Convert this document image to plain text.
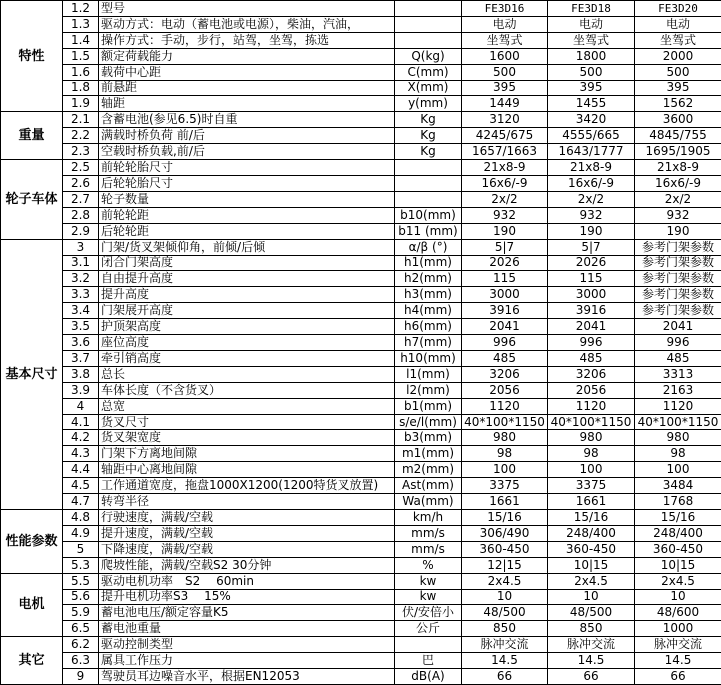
特性	1.2	型号		FE3D16	FE3D18	FE3D20
	1.3	驱动方式：电动（蓄电池或电源），柴油，汽油，		电动	电动	电动
	1.4	操作方式：手动，步行，站驾，坐驾，拣选		坐驾式	坐驾式	坐驾式
	1.5	额定荷载能力	Q(kg)	1600	1800	2000
	1.6	载荷中心距	C(mm)	500	500	500
	1.8	前悬距	X(mm)	395	395	395
	1.9	轴距	y(mm)	1449	1455	1562
重量	2.1	含蓄电池(参见6.5)时自重	Kg	3120	3420	3600
	2.2	满载时桥负荷 前/后	Kg	4245/675	4555/665	4845/755
	2.3	空载时桥负载,前/后	Kg	1657/1663	1643/1777	1695/1905
轮子车体	2.5	前轮轮胎尺寸		21x8-9	21x8-9	21x8-9
	2.6	后轮轮胎尺寸		16x6/-9	16x6/-9	16x6/-9
	2.7	轮子数量		2x/2	2x/2	2x/2
	2.8	前轮轮距	b10(mm)	932	932	932
	2.9	后轮轮距	b11 (mm)	190	190	190
基本尺寸	3	门架/货叉架倾仰角，前倾/后倾	α/β (°)	5|7	5|7	参考门架参数
	3.1	闭合门架高度	h1(mm)	2026	2026	参考门架参数
	3.2	自由提升高度	h2(mm)	115	115	参考门架参数
	3.3	提升高度	h3(mm)	3000	3000	参考门架参数
	3.4	门架展开高度	h4(mm)	3916	3916	参考门架参数
	3.5	护顶架高度	h6(mm)	2041	2041	2041
	3.6	座位高度	h7(mm)	996	996	996
	3.7	牵引销高度	h10(mm)	485	485	485
	3.8	总长	l1(mm)	3206	3206	3313
	3.9	车体长度（不含货叉）	l2(mm)	2056	2056	2163
	4	总宽	b1(mm)	1120	1120	1120
	4.1	货叉尺寸	s/e/l(mm)	40*100*1150	40*100*1150	40*100*1150
	4.2	货叉架宽度	b3(mm)	980	980	980
	4.3	门架下方离地间隙	m1(mm)	98	98	98
	4.4	轴距中心离地间隙	m2(mm)	100	100	100
	4.5	工作通道宽度，拖盘1000X1200(1200特货叉放置)	Ast(mm)	3375	3375	3484
	4.7	转弯半径	Wa(mm)	1661	1661	1768
性能参数	4.8	行驶速度，满载/空载	km/h	15/16	15/16	15/16
	4.9	提升速度，满载/空载	mm/s	306/490	248/400	248/400
	5	下降速度，满载/空载	mm/s	360-450	360-450	360-450
	5.3	爬坡性能，满载/空载S2 30分钟	%	12|15	10|15	10|15
电机	5.5	驱动电机功率　S2　 60min	kw	2x4.5	2x4.5	2x4.5
	5.6	提升电机功率S3　 15%	kw	10	10	10
	5.9	蓄电池电压/额定容量K5	伏/安倍小	48/500	48/500	48/600
	6.5	蓄电池重量	公斤	850	850	1000
其它	6.2	驱动控制类型		脉冲交流	脉冲交流	脉冲交流
	6.3	属具工作压力	巴	14.5	14.5	14.5
	9	驾驶员耳边噪音水平，根据EN12053	dB(A)	66	66	66
